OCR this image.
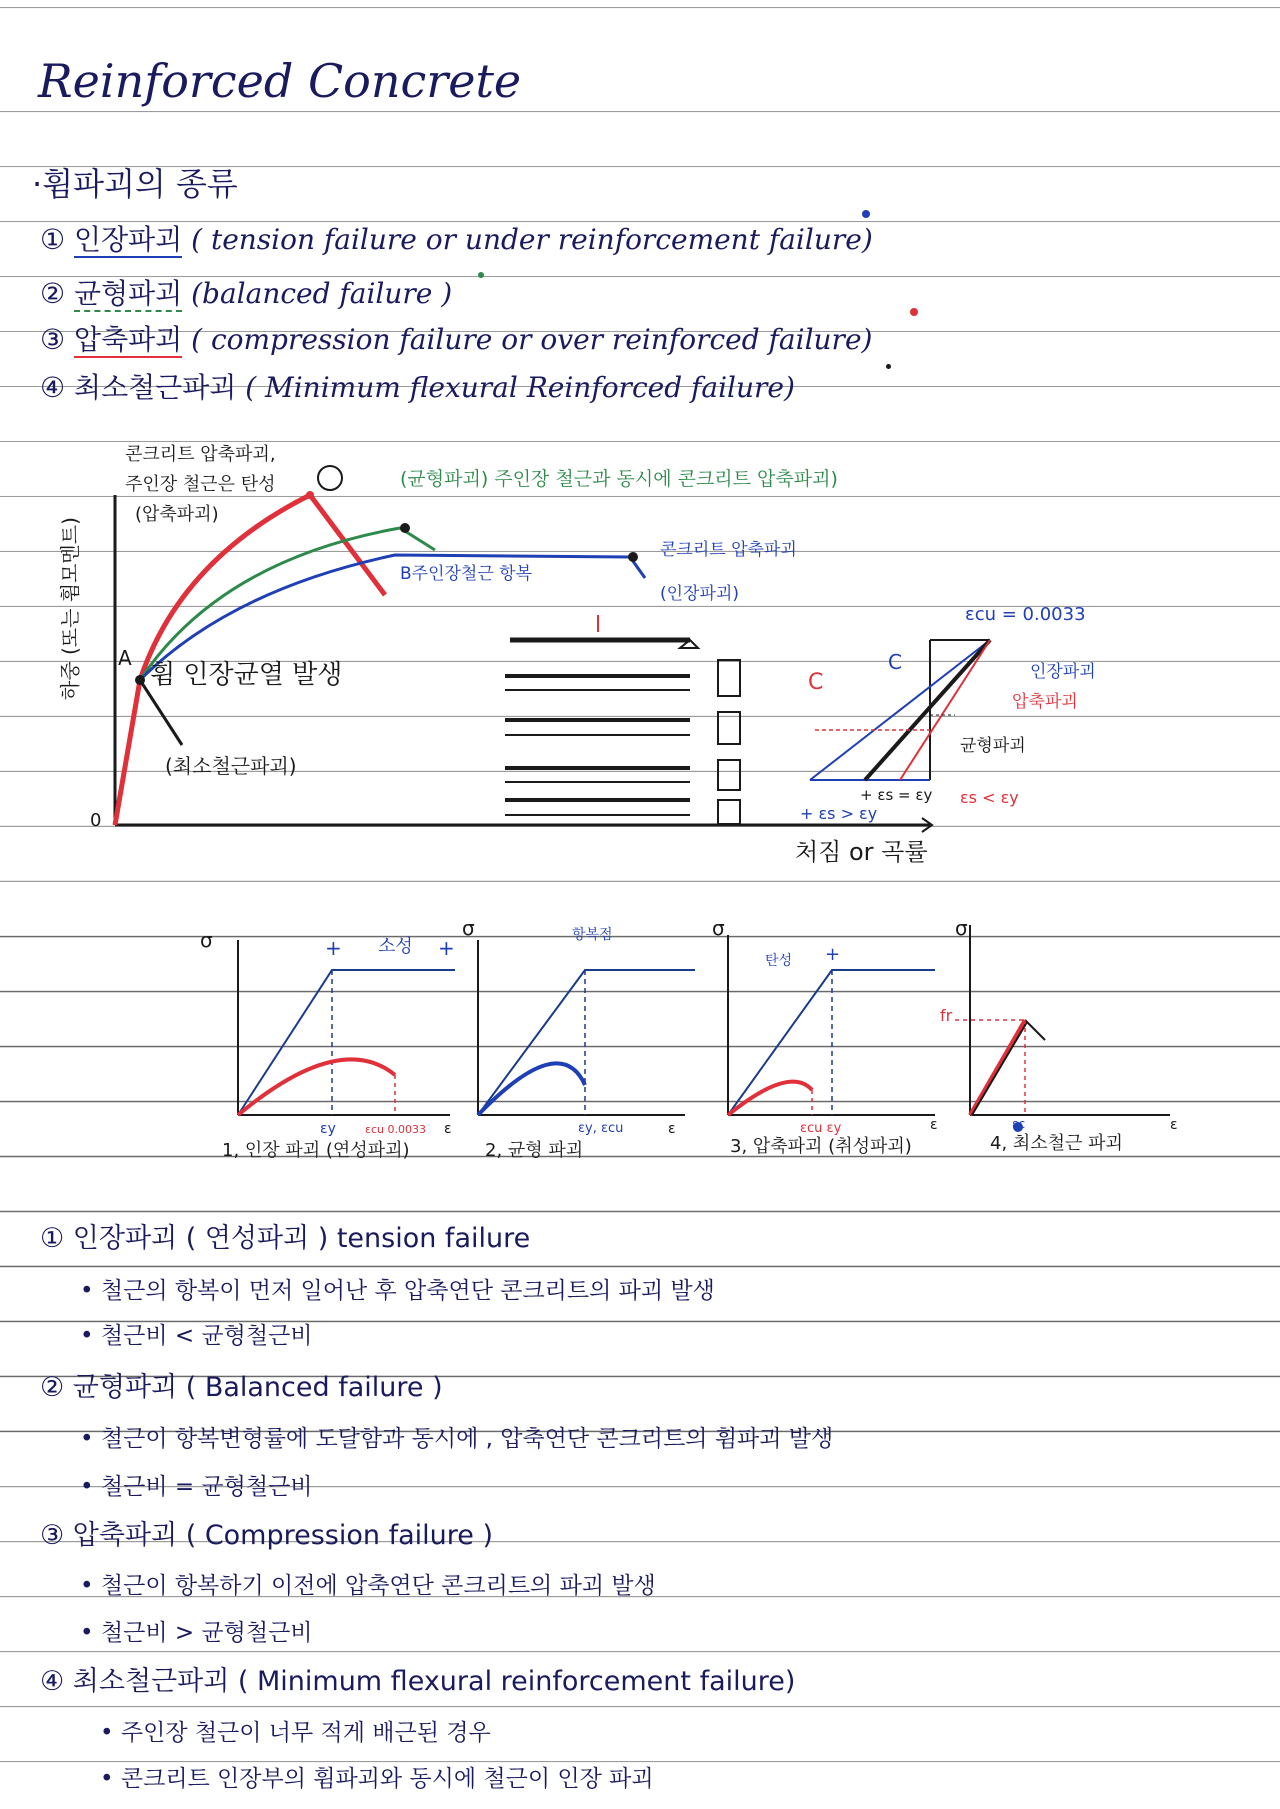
Reinforced Concrete
·휨파괴의 종류
① 인장파괴 ( tension failure or under reinforcement failure)
② 균형파괴 (balanced failure )
③ 압축파괴 ( compression failure or over reinforced failure)
④ 최소철근파괴 ( Minimum flexural Reinforced failure)
하중 (또는 휨모멘트)
0
A
휨 인장균열 발생
(최소철근파괴)
콘크리트 압축파괴,
주인장 철근은 탄성
(압축파괴)
(균형파괴) 주인장 철근과 동시에 콘크리트 압축파괴)
B주인장철근 항복
콘크리트 압축파괴
(인장파괴)
처짐 or 곡률
εcu = 0.0033
인장파괴
압축파괴
균형파괴
+ εs = εy εs < εy
+ εs > εy
C
C
σ	+ 소성 +
εy	εcu 0.0033 ε
1, 인장 파괴 (연성파괴)
σ	항복점
εy, εcu	ε
2, 균형 파괴
σ
탄성 +
εcu εy	ε
3, 압축파괴 (취성파괴)
σ
fr
εc	ε
4, 최소철근 파괴
① 인장파괴 ( 연성파괴 ) tension failure
• 철근의 항복이 먼저 일어난 후 압축연단 콘크리트의 파괴 발생
• 철근비 < 균형철근비
② 균형파괴 ( Balanced failure )
• 철근이 항복변형률에 도달함과 동시에 , 압축연단 콘크리트의 휨파괴 발생
• 철근비 = 균형철근비
③ 압축파괴 ( Compression failure )
• 철근이 항복하기 이전에 압축연단 콘크리트의 파괴 발생
• 철근비 > 균형철근비
④ 최소철근파괴 ( Minimum flexural reinforcement failure)
• 주인장 철근이 너무 적게 배근된 경우
• 콘크리트 인장부의 휨파괴와 동시에 철근이 인장 파괴
